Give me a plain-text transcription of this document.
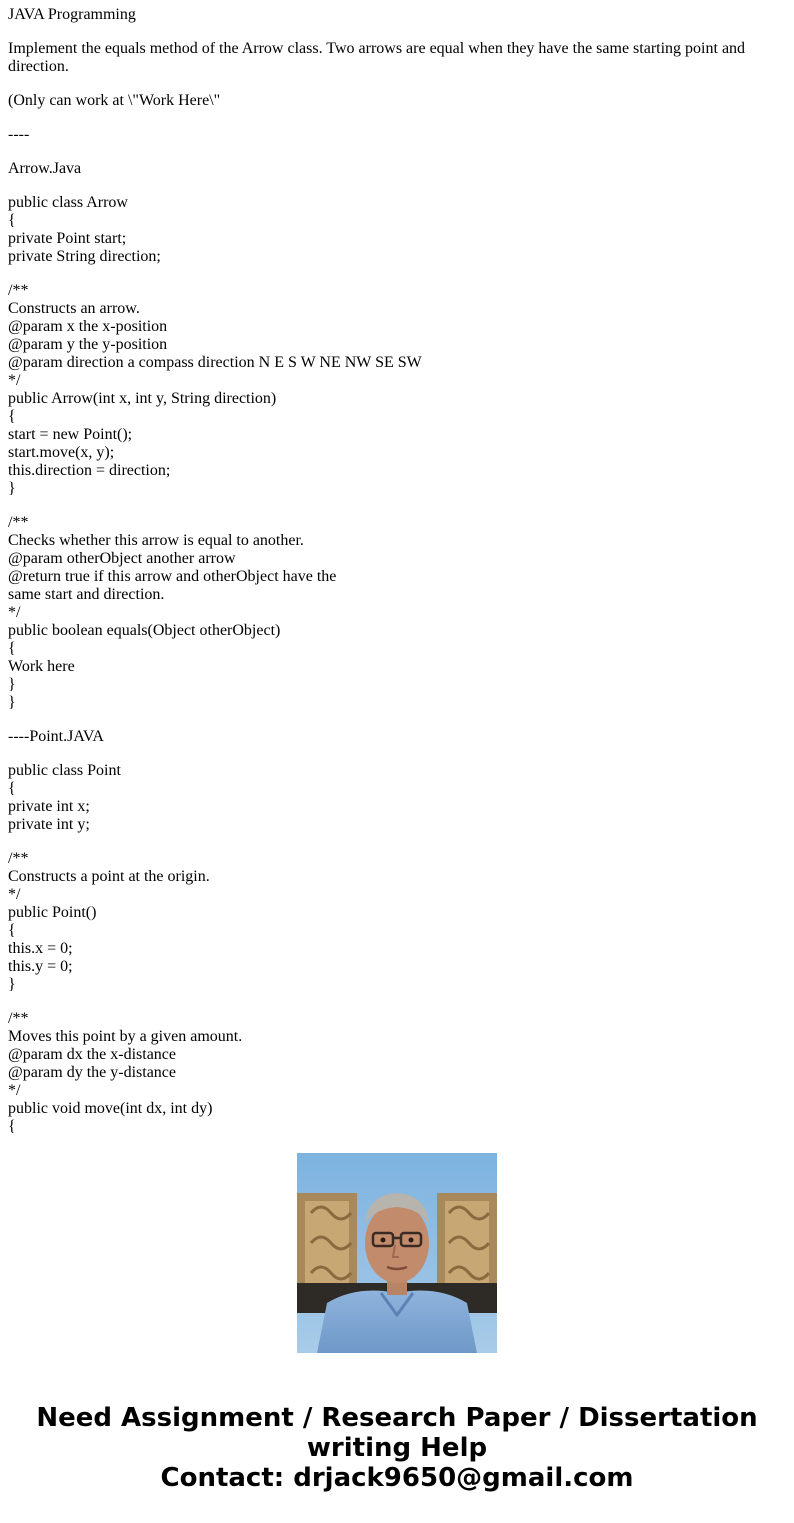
JAVA Programming

Implement the equals method of the Arrow class. Two arrows are equal when they have the same starting point and direction.

(Only can work at \"Work Here\"

----

Arrow.Java

public class Arrow
{
private Point start;
private String direction;
/**
Constructs an arrow.
@param x the x-position
@param y the y-position
@param direction a compass direction N E S W NE NW SE SW
*/
public Arrow(int x, int y, String direction)
{
start = new Point();
start.move(x, y);
this.direction = direction;
}
/**
Checks whether this arrow is equal to another.
@param otherObject another arrow
@return true if this arrow and otherObject have the
same start and direction.
*/
public boolean equals(Object otherObject)
{
Work here
}
}

----Point.JAVA

public class Point
{
private int x;
private int y;
/**
Constructs a point at the origin.
*/
public Point()
{
this.x = 0;
this.y = 0;
}
/**
Moves this point by a given amount.
@param dx the x-distance
@param dy the y-distance
*/
public void move(int dx, int dy)
{
Need Assignment / Research Paper / Dissertation
writing Help
Contact: drjack9650@gmail.com
